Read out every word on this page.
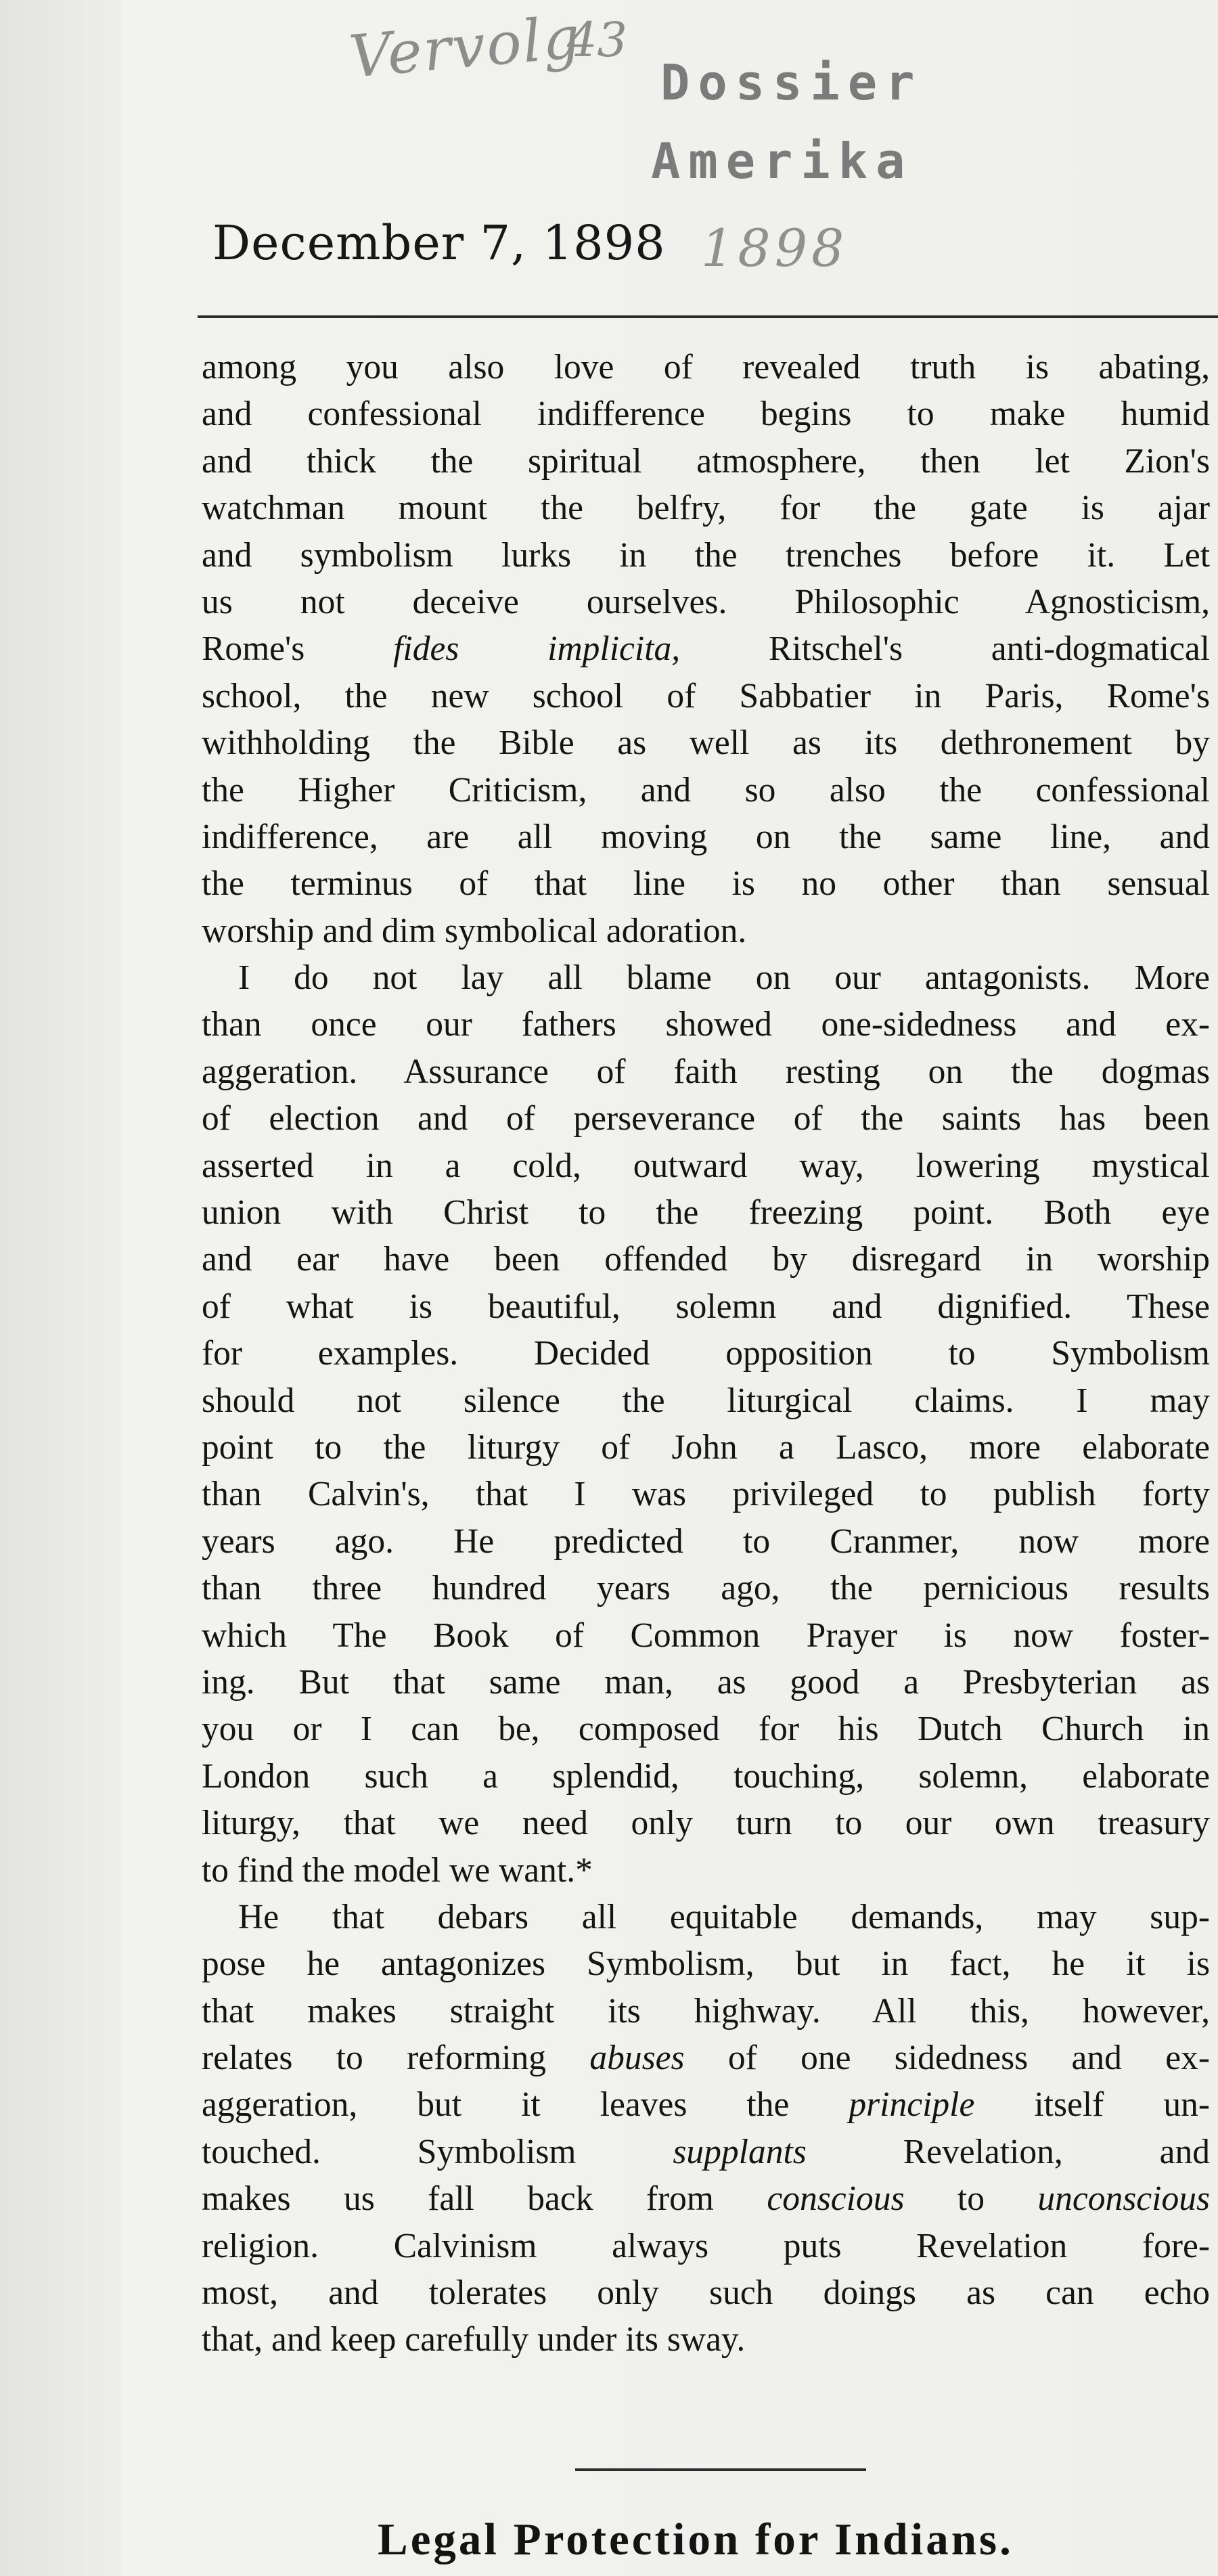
Vervolg
43
Dossier
Amerika
1898
December 7, 1898

among you also love of revealed truth is abating,
and confessional indifference begins to make humid
and thick the spiritual atmosphere, then let Zion's
watchman mount the belfry, for the gate is ajar
and symbolism lurks in the trenches before it. Let
us not deceive ourselves. Philosophic Agnosticism,
Rome's fides implicita, Ritschel's anti-dogmatical
school, the new school of Sabbatier in Paris, Rome's
withholding the Bible as well as its dethronement by
the Higher Criticism, and so also the confessional
indifference, are all moving on the same line, and
the terminus of that line is no other than sensual
worship and dim symbolical adoration.

I do not lay all blame on our antagonists. More
than once our fathers showed one-sidedness and ex-
aggeration. Assurance of faith resting on the dogmas
of election and of perseverance of the saints has been
asserted in a cold, outward way, lowering mystical
union with Christ to the freezing point. Both eye
and ear have been offended by disregard in worship
of what is beautiful, solemn and dignified. These
for examples. Decided opposition to Symbolism
should not silence the liturgical claims. I may
point to the liturgy of John a Lasco, more elaborate
than Calvin's, that I was privileged to publish forty
years ago. He predicted to Cranmer, now more
than three hundred years ago, the pernicious results
which The Book of Common Prayer is now foster-
ing. But that same man, as good a Presbyterian as
you or I can be, composed for his Dutch Church in
London such a splendid, touching, solemn, elaborate
liturgy, that we need only turn to our own treasury
to find the model we want.*

He that debars all equitable demands, may sup-
pose he antagonizes Symbolism, but in fact, he it is
that makes straight its highway. All this, however,
relates to reforming abuses of one sidedness and ex-
aggeration, but it leaves the principle itself un-
touched. Symbolism supplants Revelation, and
makes us fall back from conscious to unconscious
religion. Calvinism always puts Revelation fore-
most, and tolerates only such doings as can echo
that, and keep carefully under its sway.

Legal Protection for Indians.
